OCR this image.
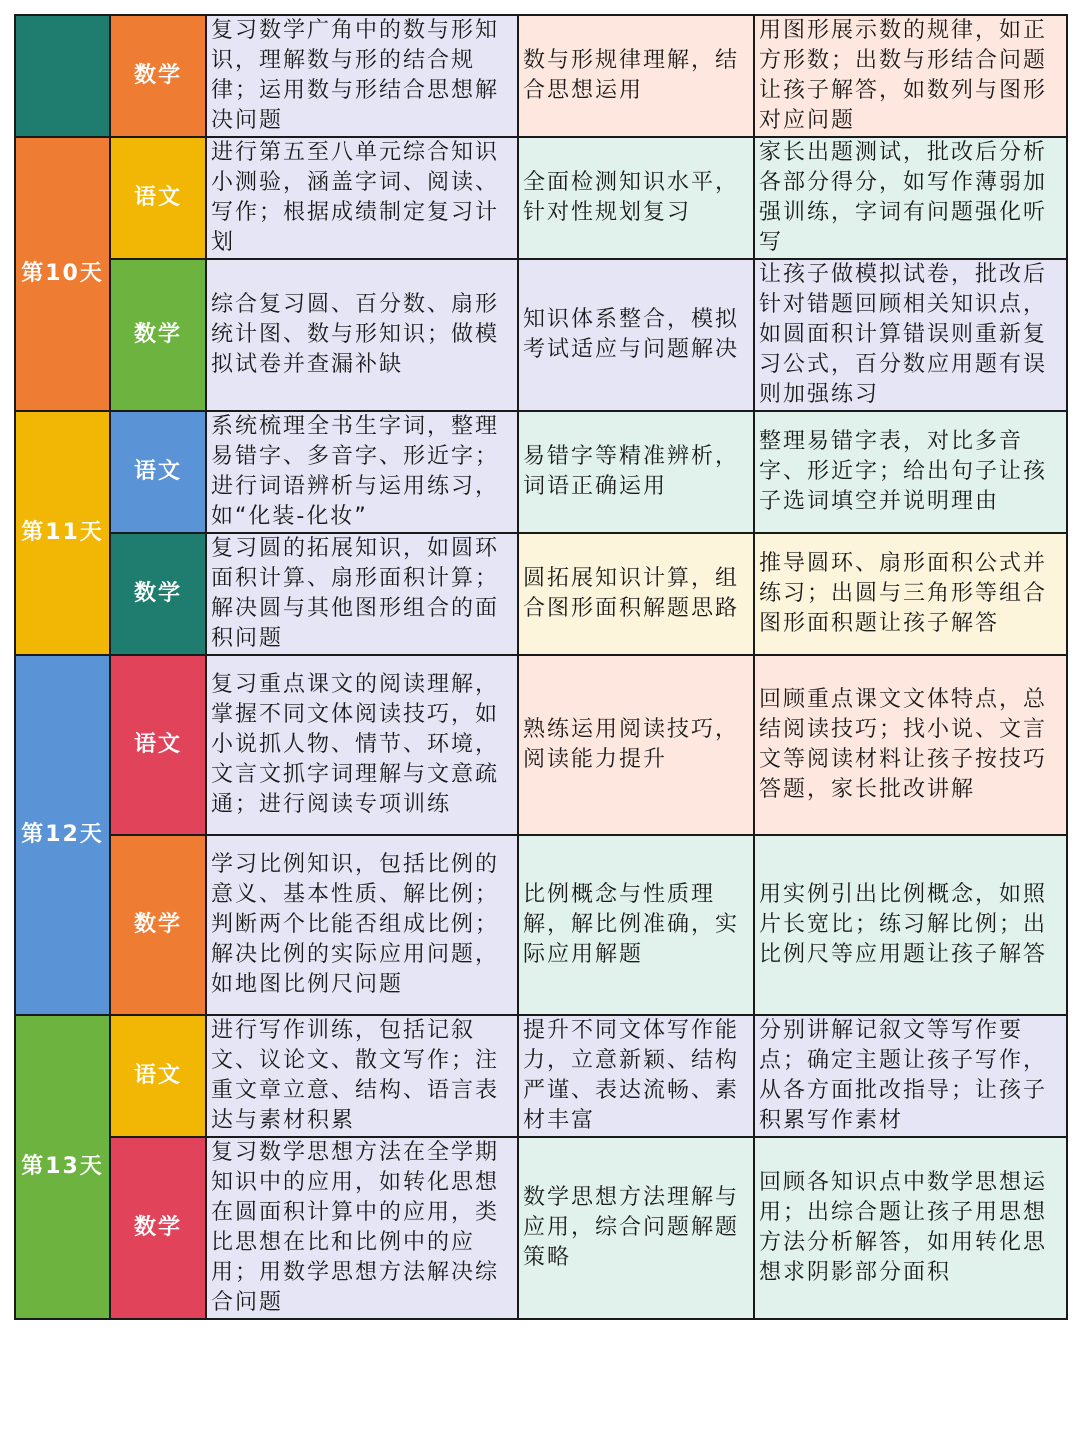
	数学	复习数学广角中的数与形知识，理解数与形的结合规律；运用数与形结合思想解决问题	数与形规律理解，结合思想运用	用图形展示数的规律，如正方形数；出数与形结合问题让孩子解答，如数列与图形对应问题
第10天	语文	进行第五至八单元综合知识小测验，涵盖字词、阅读、写作；根据成绩制定复习计划	全面检测知识水平，针对性规划复习	家长出题测试，批改后分析各部分得分，如写作薄弱加强训练，字词有问题强化听写
	数学	综合复习圆、百分数、扇形统计图、数与形知识；做模拟试卷并查漏补缺	知识体系整合，模拟考试适应与问题解决	让孩子做模拟试卷，批改后针对错题回顾相关知识点，如圆面积计算错误则重新复习公式，百分数应用题有误则加强练习
第11天	语文	系统梳理全书生字词，整理易错字、多音字、形近字；进行词语辨析与运用练习，如“化装-化妆”	易错字等精准辨析，词语正确运用	整理易错字表，对比多音字、形近字；给出句子让孩子选词填空并说明理由
	数学	复习圆的拓展知识，如圆环面积计算、扇形面积计算；解决圆与其他图形组合的面积问题	圆拓展知识计算，组合图形面积解题思路	推导圆环、扇形面积公式并练习；出圆与三角形等组合图形面积题让孩子解答
第12天	语文	复习重点课文的阅读理解，掌握不同文体阅读技巧，如小说抓人物、情节、环境，文言文抓字词理解与文意疏通；进行阅读专项训练	熟练运用阅读技巧，阅读能力提升	回顾重点课文文体特点，总结阅读技巧；找小说、文言文等阅读材料让孩子按技巧答题，家长批改讲解
	数学	学习比例知识，包括比例的意义、基本性质、解比例；判断两个比能否组成比例；解决比例的实际应用问题，如地图比例尺问题	比例概念与性质理解，解比例准确，实际应用解题	用实例引出比例概念，如照片长宽比；练习解比例；出比例尺等应用题让孩子解答
第13天	语文	进行写作训练，包括记叙文、议论文、散文写作；注重文章立意、结构、语言表达与素材积累	提升不同文体写作能力，立意新颖、结构严谨、表达流畅、素材丰富	分别讲解记叙文等写作要点；确定主题让孩子写作，从各方面批改指导；让孩子积累写作素材
	数学	复习数学思想方法在全学期知识中的应用，如转化思想在圆面积计算中的应用，类比思想在比和比例中的应用；用数学思想方法解决综合问题	数学思想方法理解与应用，综合问题解题策略	回顾各知识点中数学思想运用；出综合题让孩子用思想方法分析解答，如用转化思想求阴影部分面积
